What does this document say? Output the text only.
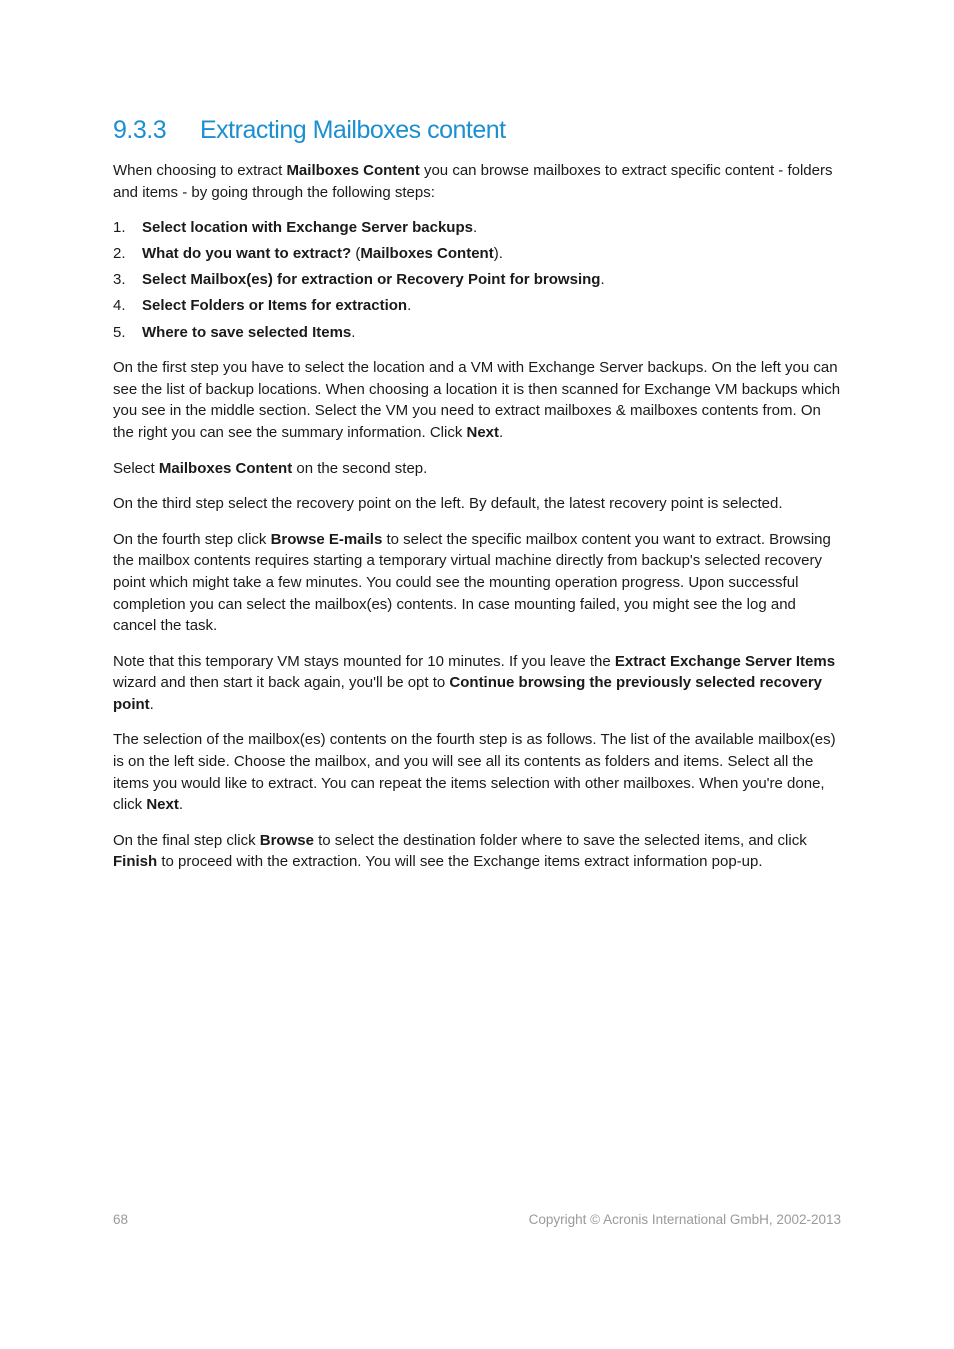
9.3.3 Extracting Mailboxes content

When choosing to extract Mailboxes Content you can browse mailboxes to extract specific content - folders and items - by going through the following steps:

1. Select location with Exchange Server backups.
2. What do you want to extract? (Mailboxes Content).
3. Select Mailbox(es) for extraction or Recovery Point for browsing.
4. Select Folders or Items for extraction.
5. Where to save selected Items.

On the first step you have to select the location and a VM with Exchange Server backups. On the left you can see the list of backup locations. When choosing a location it is then scanned for Exchange VM backups which you see in the middle section. Select the VM you need to extract mailboxes & mailboxes contents from. On the right you can see the summary information. Click Next.

Select Mailboxes Content on the second step.

On the third step select the recovery point on the left. By default, the latest recovery point is selected.

On the fourth step click Browse E-mails to select the specific mailbox content you want to extract. Browsing the mailbox contents requires starting a temporary virtual machine directly from backup's selected recovery point which might take a few minutes. You could see the mounting operation progress. Upon successful completion you can select the mailbox(es) contents. In case mounting failed, you might see the log and cancel the task.

Note that this temporary VM stays mounted for 10 minutes. If you leave the Extract Exchange Server Items wizard and then start it back again, you'll be opt to Continue browsing the previously selected recovery point.

The selection of the mailbox(es) contents on the fourth step is as follows. The list of the available mailbox(es) is on the left side. Choose the mailbox, and you will see all its contents as folders and items. Select all the items you would like to extract. You can repeat the items selection with other mailboxes. When you're done, click Next.

On the final step click Browse to select the destination folder where to save the selected items, and click Finish to proceed with the extraction. You will see the Exchange items extract information pop-up.

68	Copyright © Acronis International GmbH, 2002-2013
